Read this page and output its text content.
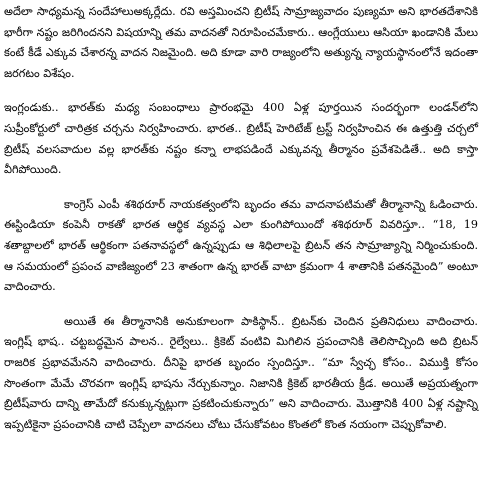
అదేలా సాధ్యమన్న సందేహాలుఅక్కర్లేదు. రవి అస్తమించని బ్రిటీష్ సామ్రాజ్యవాదం పుణ్యమా అని భారతదేశానికి భారీగా నష్టం జరిగిందనని విషయాన్ని తమ వాదనతో నిరూపించమేకారు.. ఆంగ్లేయులు ఆసియా ఖండానికి మేలు కంటే కీడే ఎక్కువ చేశారన్న వాదన నిజమైంది. అది కూడా వారి రాజ్యంలోని అత్యున్న న్యాయస్థానంలోనే ఇదంతా జరగటం విశేషం.

ఇంగ్లండుకు.. భారత్‌కు మధ్య సంబంధాలు ప్రారంభమై 400 ఏళ్ల పూర్తయిన సందర్భంగా లండన్‌లోని సుప్రీంకోర్టులో చారిత్రక చర్చను నిర్వహించారు. భారత.. బ్రిటీష్ హెరిటేజ్ ట్రస్ట్ నిర్వహించిన ఈ ఉత్తుత్తి చర్చలో బ్రిటీష్ వలసవాదుల వల్ల భారత్‌కు నష్టం కన్నా లాభపడిందే ఎక్కువన్న తీర్మానం ప్రవేశపెడితే.. అది కాస్తా వీగిపోయింది.

కాంగ్రెస్ ఎంపీ శశిథరూర్ నాయకత్వంలోని బృందం తమ వాదనాపటిమతో తీర్మానాన్ని ఓడించారు. ఈస్టిండియా కంపెనీ రాకతో భారత ఆర్థిక వ్యవస్థ ఎలా కుంగిపోయిందో శశిథరూర్ వివరిస్తూ.. “18, 19 శతాబ్దాలలో భారత్ ఆర్థికంగా పతనావస్థలో ఉన్నప్పుడు ఆ శిధిలాలపై బ్రిటన్ తన సామ్రాజ్యాన్ని నిర్మించుకుంది. ఆ సమయంలో ప్రపంచ వాణిజ్యంలో 23 శాతంగా ఉన్న భారత్ వాటా క్రమంగా 4 శాతానికి పతనమైంది” అంటూ వాదించారు.

అయితే ఈ తీర్మానానికి అనుకూలంగా పాకిస్థాన్.. బ్రిటన్‌కు చెందిన ప్రతినిధులు వాదించారు. ఇంగ్లిష్ భాష.. చట్టబద్ధమైన పాలన.. రైల్వేలు.. క్రికెట్ వంటివి మిగిలిన ప్రపంచానికి తెలిసొచ్చింది అది బ్రిటన్ రాజరిక ప్రభావమేనని వాదించారు. దీనిపై భారత బృందం స్పందిస్తూ.. “మా స్వేచ్ఛ కోసం.. విముక్తి కోసం సొంతంగా మేమే చొరవగా ఇంగ్లిష్ భాషను నేర్చుకున్నాం. నిజానికి క్రికెట్ భారతీయ క్రీడ. అయితే అప్రయత్నంగా బ్రిటీష్‌వారు దాన్ని తామేదో కనుక్కున్నట్లుగా ప్రకటించుకున్నారు” అని వాదించారు. మొత్తానికి 400 ఏళ్ల నష్టాన్ని ఇప్పటికైనా ప్రపంచానికి చాటి చెప్పేలా వాదనలు చోటు చేసుకోవటం కొంతలో కొంత నయంగా చెప్పుకోవాలి.
